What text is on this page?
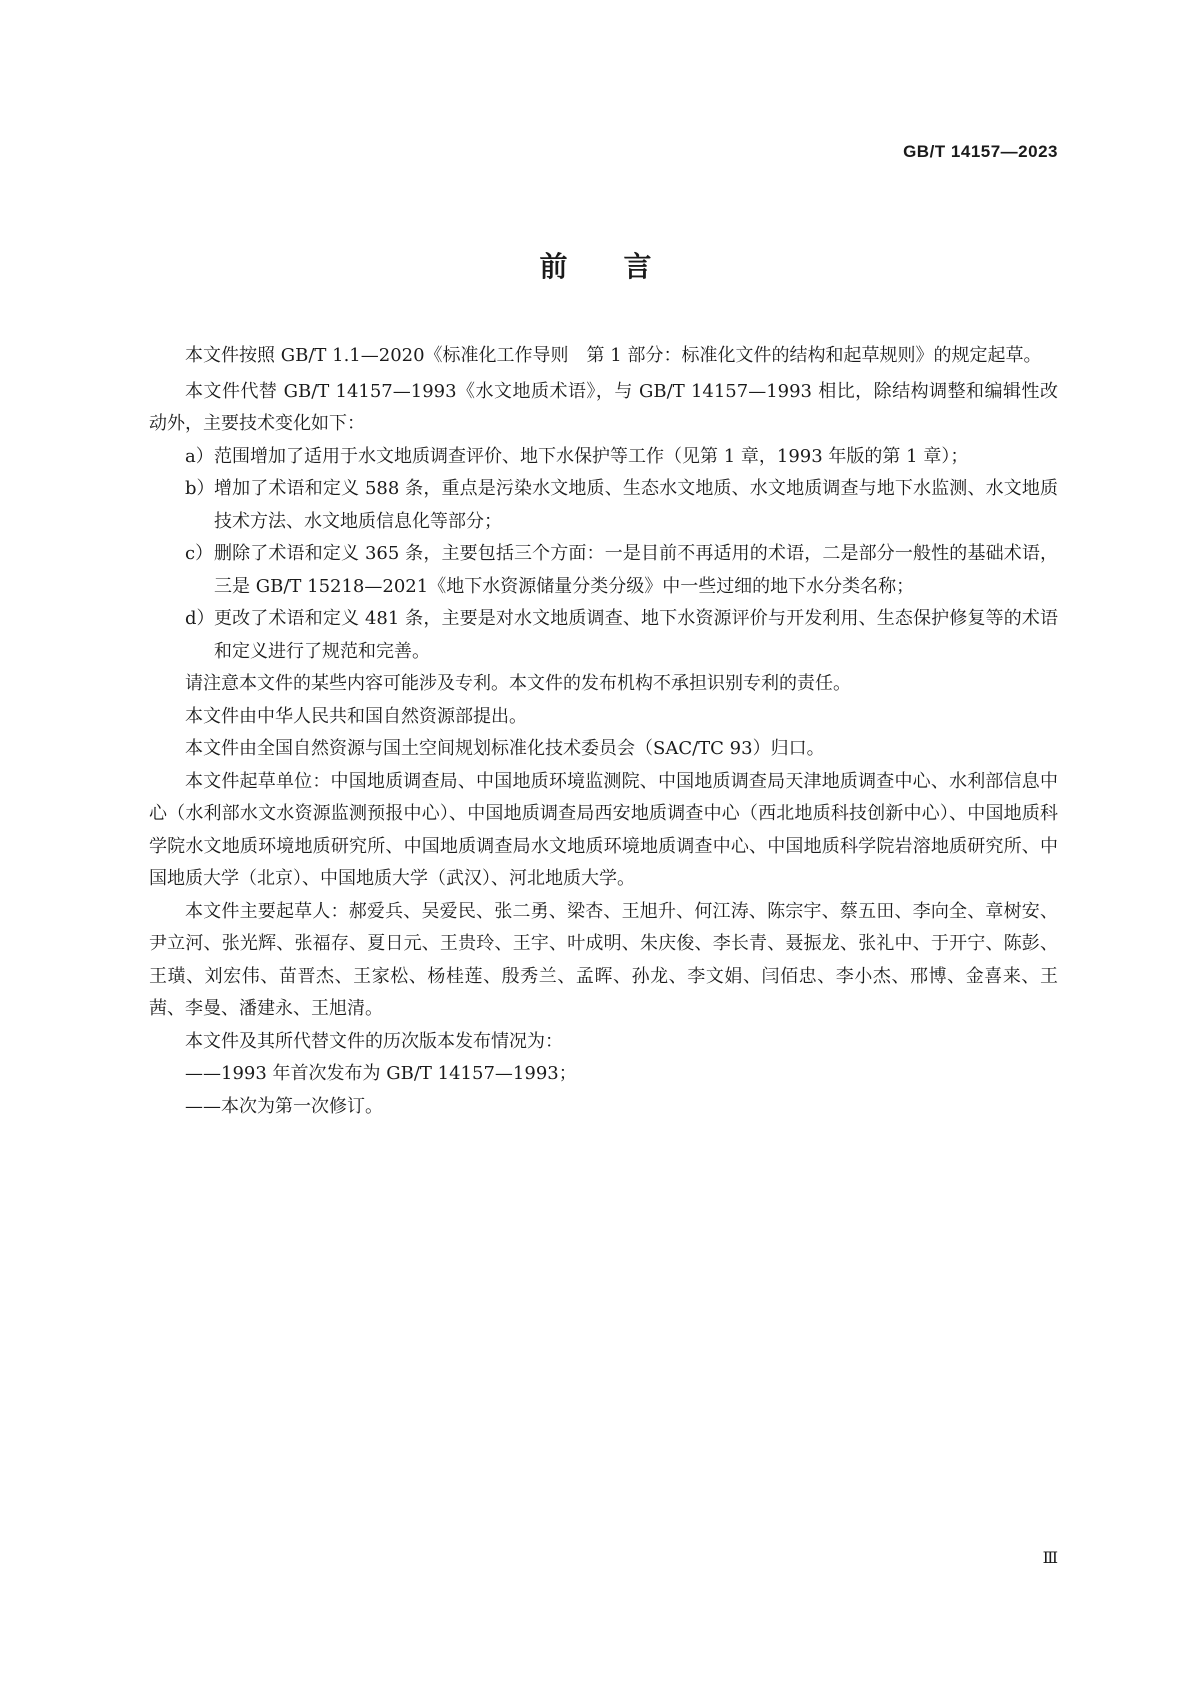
GB/T 14157—2023
前言

本文件按照 GB/T 1.1—2020《标准化工作导则　第 1 部分：标准化文件的结构和起草规则》的规定起草。

本文件代替 GB/T 14157—1993《水文地质术语》，与 GB/T 14157—1993 相比，除结构调整和编辑性改动外，主要技术变化如下：

a） 范围增加了适用于水文地质调查评价、地下水保护等工作（见第 1 章，1993 年版的第 1 章）；
b） 增加了术语和定义 588 条，重点是污染水文地质、生态水文地质、水文地质调查与地下水监测、水文地质技术方法、水文地质信息化等部分；
c） 删除了术语和定义 365 条，主要包括三个方面：一是目前不再适用的术语，二是部分一般性的基础术语，三是 GB/T 15218—2021《地下水资源储量分类分级》中一些过细的地下水分类名称；
d） 更改了术语和定义 481 条，主要是对水文地质调查、地下水资源评价与开发利用、生态保护修复等的术语和定义进行了规范和完善。

请注意本文件的某些内容可能涉及专利。本文件的发布机构不承担识别专利的责任。

本文件由中华人民共和国自然资源部提出。

本文件由全国自然资源与国土空间规划标准化技术委员会（SAC/TC 93）归口。

本文件起草单位：中国地质调查局、中国地质环境监测院、中国地质调查局天津地质调查中心、水利部信息中心（水利部水文水资源监测预报中心）、中国地质调查局西安地质调查中心（西北地质科技创新中心）、中国地质科学院水文地质环境地质研究所、中国地质调查局水文地质环境地质调查中心、中国地质科学院岩溶地质研究所、中国地质大学（北京）、中国地质大学（武汉）、河北地质大学。

本文件主要起草人：郝爱兵、吴爱民、张二勇、梁杏、王旭升、何江涛、陈宗宇、蔡五田、李向全、章树安、尹立河、张光辉、张福存、夏日元、王贵玲、王宇、叶成明、朱庆俊、李长青、聂振龙、张礼中、于开宁、陈彭、王璜、刘宏伟、苗晋杰、王家松、杨桂莲、殷秀兰、孟晖、孙龙、李文娟、闫佰忠、李小杰、邢博、金喜来、王茜、李曼、潘建永、王旭清。

本文件及其所代替文件的历次版本发布情况为：

——1993 年首次发布为 GB/T 14157—1993；
——本次为第一次修订。
Ⅲ
